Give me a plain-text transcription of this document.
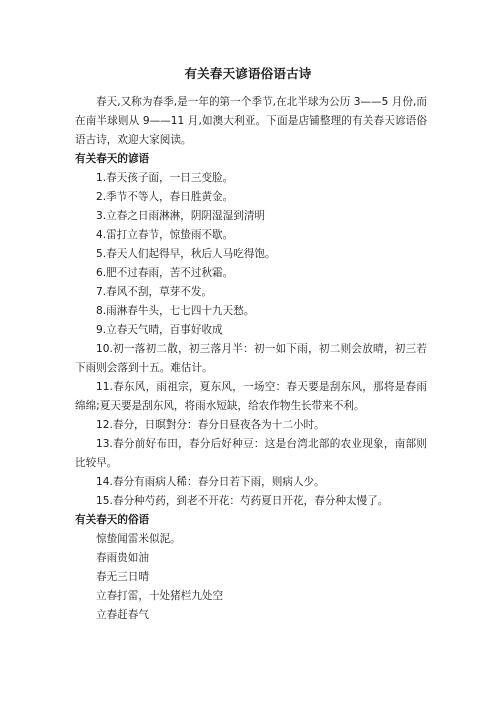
有关春天谚语俗语古诗

春天,又称为春季,是一年的第一个季节,在北半球为公历 3——5 月份,而在南半球则从 9——11 月,如澳大利亚。下面是店铺整理的有关春天谚语俗语古诗，欢迎大家阅读。

有关春天的谚语

1.春天孩子面，一日三变脸。

2.季节不等人，春日胜黄金。

3.立春之日雨淋淋，阴阴湿湿到清明

4.雷打立春节，惊蛰雨不歇。

5.春天人们起得早，秋后人马吃得饱。

6.肥不过春雨，苦不过秋霜。

7.春风不刮，草芽不发。

8.雨淋春牛头，七七四十九天愁。

9.立春天气晴，百事好收成

10.初一落初二散，初三落月半：初一如下雨，初二则会放晴，初三若下雨则会落到十五。难估计。

11.春东风，雨祖宗，夏东风，一场空：春天要是刮东风，那将是春雨绵绵;夏天要是刮东风，将雨水短缺，给农作物生长带来不利。

12.春分，日暝對分：春分日昼夜各为十二小时。

13.春分前好布田，春分后好种豆：这是台湾北部的农业现象，南部则比较早。

14.春分有雨病人稀：春分日若下雨，则病人少。

15.春分种芍药，到老不开花：芍药夏日开花，春分种太慢了。

有关春天的俗语

惊蛰闻雷米似泥。

春雨贵如油

春无三日晴

立春打雷，十处猪栏九处空

立春赶春气
